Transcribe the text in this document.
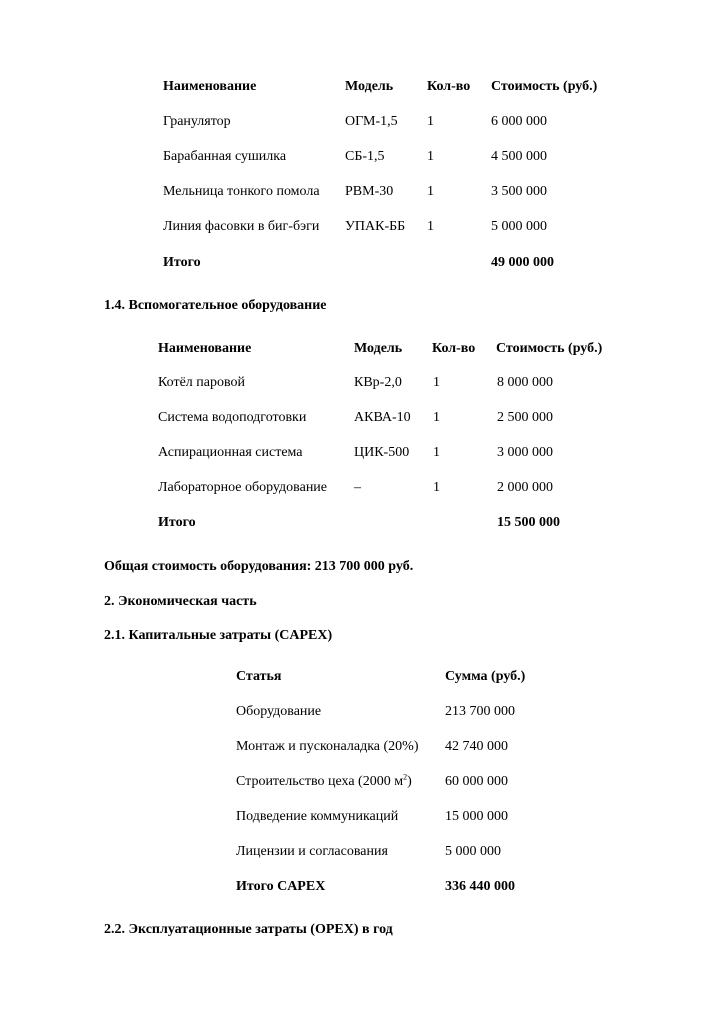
Наименование	Модель Кол-во Стоимость (руб.)
Гранулятор	ОГМ-1,5 1	6 000 000
Барабанная сушилка	СБ-1,5	1	4 500 000
Мельница тонкого помола РВМ-30 1	3 500 000
Линия фасовки в биг-бэги УПАК-ББ 1	5 000 000
Итого	49 000 000
1.4. Вспомогательное оборудование
Наименование	Модель Кол-во Стоимость (руб.)
Котёл паровой	КВр-2,0 1	8 000 000
Система водоподготовки	АКВА-10 1	2 500 000
Аспирационная система	ЦИК-500 1	3 000 000
Лабораторное оборудование –	1	2 000 000
Итого	15 500 000
Общая стоимость оборудования: 213 700 000 руб.
2. Экономическая часть
2.1. Капитальные затраты (CAPEX)
Статья	Сумма (руб.)
Оборудование	213 700 000
Монтаж и пусконаладка (20%) 42 740 000
Строительство цеха (2000 $м^2$) 60 000 000
Подведение коммуникаций	15 000 000
Лицензии и согласования	5 000 000
Итого CAPEX	336 440 000
2.2. Эксплуатационные затраты (OPEX) в год
